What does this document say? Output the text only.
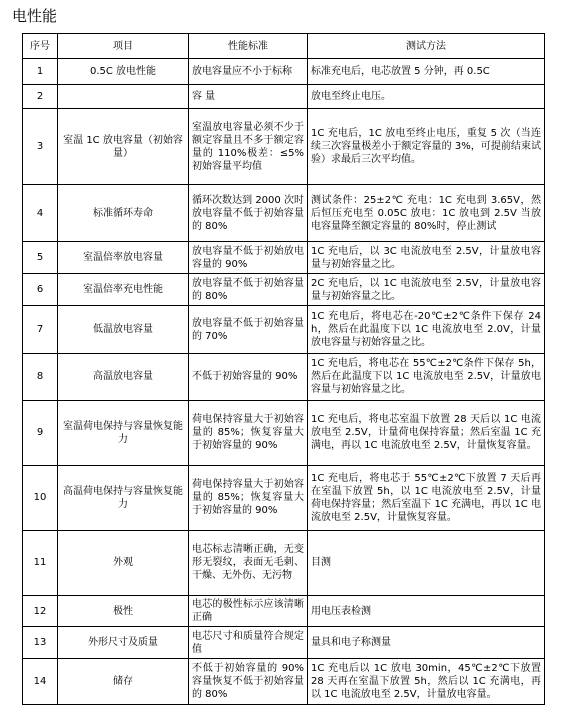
电性能
序号	项目	性能标准	测试方法
1	0.5C 放电性能	放电容量应不小于标称	标准充电后，电芯放置 5 分钟，再 0.5C
2		容 量	放电至终止电压。
3	室温 1C 放电容量（初始容量）	室温放电容量必须不少于额定容量且不多于额定容量的 110%极差：≤5%初始容量平均值	1C 充电后，1C 放电至终止电压，重复 5 次（当连续三次容量极差小于额定容量的 3%，可提前结束试验）求最后三次平均值。
4	标准循环寿命	循环次数达到 2000 次时放电容量不低于初始容量的 80%	测试条件：25±2℃ 充电：1C 充电到 3.65V，然后恒压充电至 0.05C 放电：1C 放电到 2.5V 当放电容量降至额定容量的 80%时，停止测试
5	室温倍率放电容量	放电容量不低于初始放电容量的 90%	1C 充电后，以 3C 电流放电至 2.5V，计量放电容量与初始容量之比。
6	室温倍率充电性能	放电容量不低于初始容量的 80%	2C 充电后，以 1C 电流放电至 2.5V，计量放电容量与初始容量之比。
7	低温放电容量	放电容量不低于初始容量的 70%	1C 充电后，将电芯在-20℃±2℃条件下保存 24h，然后在此温度下以 1C 电流放电至 2.0V，计量放电容量与初始容量之比。
8	高温放电容量	不低于初始容量的 90%	1C 充电后，将电芯在 55℃±2℃条件下保存 5h，然后在此温度下以 1C 电流放电至 2.5V，计量放电容量与初始容量之比。
9	室温荷电保持与容量恢复能力	荷电保持容量大于初始容量的 85%；恢复容量大于初始容量的 90%	1C 充电后，将电芯室温下放置 28 天后以 1C 电流放电至 2.5V，计量荷电保持容量；然后室温 1C 充满电，再以 1C 电流放电至 2.5V，计量恢复容量。
10	高温荷电保持与容量恢复能力	荷电保持容量大于初始容量的 85%；恢复容量大于初始容量的 90%	1C 充电后，将电芯于 55℃±2℃下放置 7 天后再在室温下放置 5h，以 1C 电流放电至 2.5V，计量荷电保持容量；然后室温下 1C 充满电，再以 1C 电流放电至 2.5V，计量恢复容量。
11	外观	电芯标志清晰正确，无变形无裂纹，表面无毛刺、干燥、无外伤、无污物	目测
12	极性	电芯的极性标示应该清晰正确	用电压表检测
13	外形尺寸及质量	电芯尺寸和质量符合规定值	量具和电子称测量
14	储存	不低于初始容量的 90%容量恢复不低于初始容量的 80%	1C 充电后以 1C 放电 30min，45℃±2℃下放置 28 天再在室温下放置 5h，然后以 1C 充满电，再以 1C 电流放电至 2.5V，计量放电容量。
